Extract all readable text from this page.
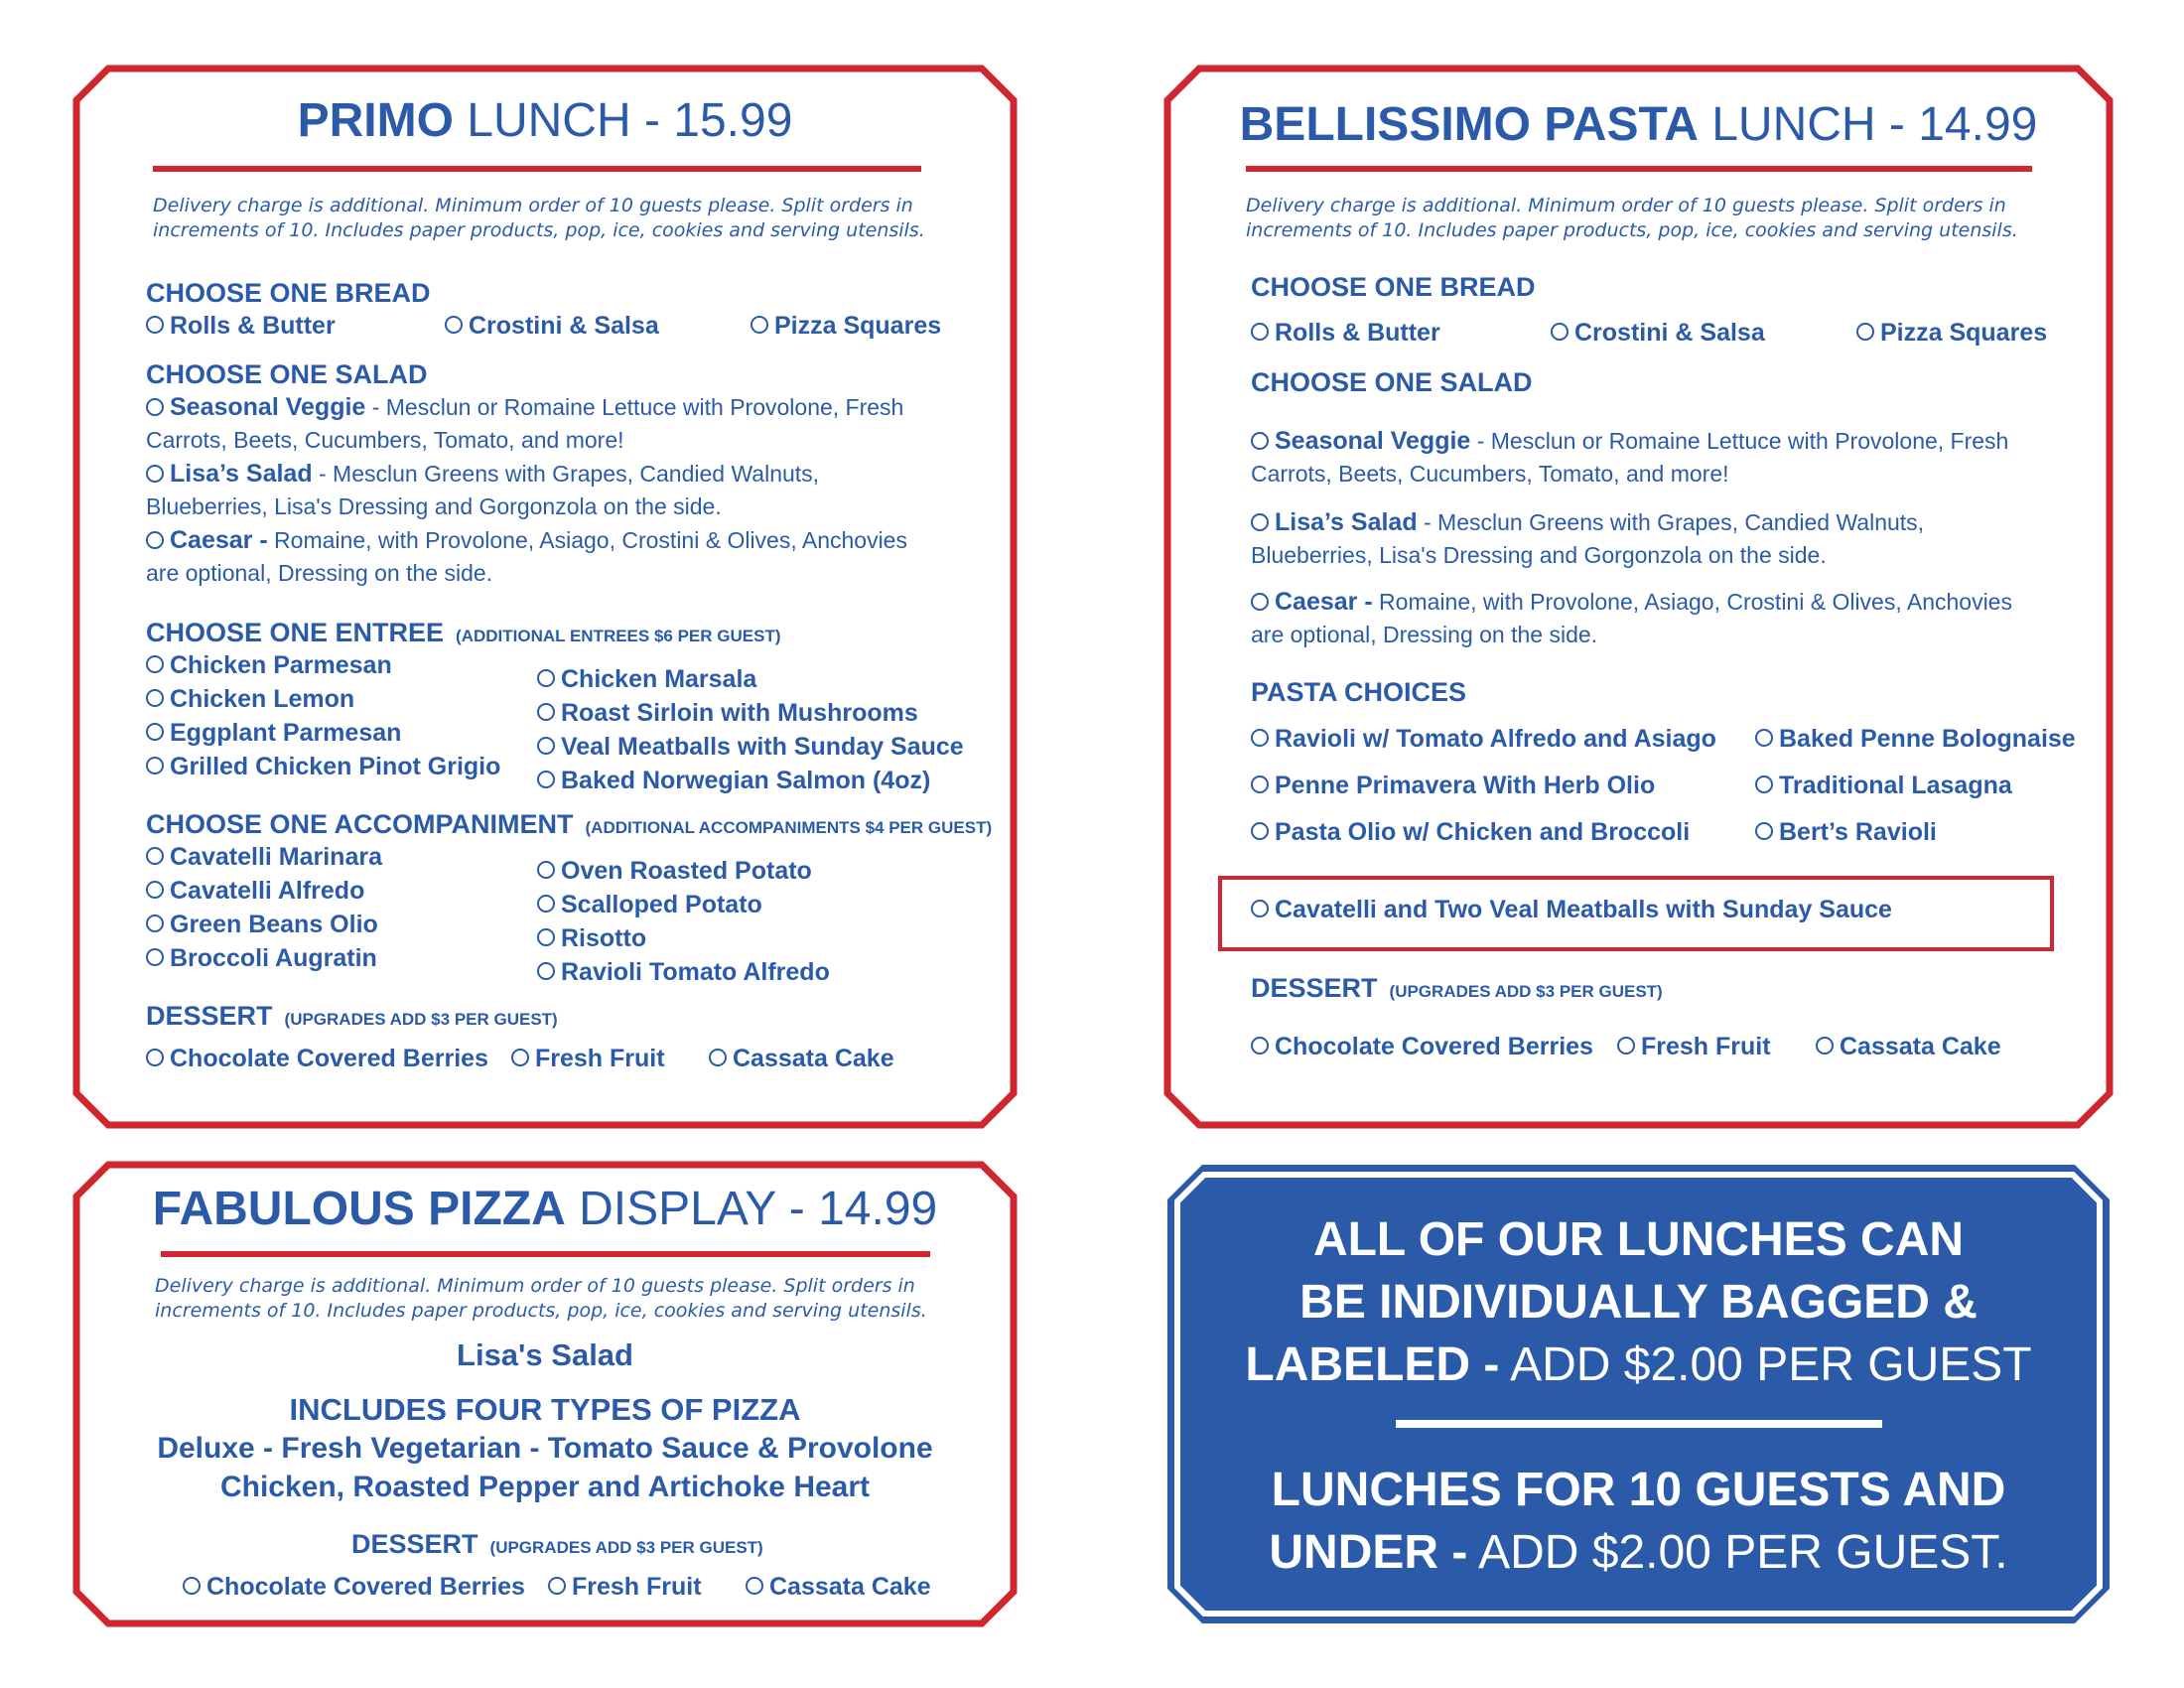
PRIMO LUNCH - 15.99
Delivery charge is additional. Minimum order of 10 guests please. Split orders in increments of 10. Includes paper products, pop, ice, cookies and serving utensils.
CHOOSE ONE BREAD
Rolls & Butter	Crostini & Salsa	Pizza Squares
CHOOSE ONE SALAD
Seasonal Veggie - Mesclun or Romaine Lettuce with Provolone, Fresh Carrots, Beets, Cucumbers, Tomato, and more!
Lisa’s Salad - Mesclun Greens with Grapes, Candied Walnuts, Blueberries, Lisa's Dressing and Gorgonzola on the side.
Caesar - Romaine, with Provolone, Asiago, Crostini & Olives, Anchovies are optional, Dressing on the side.
CHOOSE ONE ENTREE (ADDITIONAL ENTREES $6 PER GUEST)
Chicken Parmesan
Chicken Lemon
Eggplant Parmesan
Grilled Chicken Pinot Grigio
Chicken Marsala
Roast Sirloin with Mushrooms
Veal Meatballs with Sunday Sauce
Baked Norwegian Salmon (4oz)
CHOOSE ONE ACCOMPANIMENT (ADDITIONAL ACCOMPANIMENTS $4 PER GUEST)
Cavatelli Marinara
Cavatelli Alfredo
Green Beans Olio
Broccoli Augratin
Oven Roasted Potato
Scalloped Potato
Risotto
Ravioli Tomato Alfredo
DESSERT (UPGRADES ADD $3 PER GUEST)
Chocolate Covered Berries	Fresh Fruit	Cassata Cake
BELLISSIMO PASTA LUNCH - 14.99
Delivery charge is additional. Minimum order of 10 guests please. Split orders in increments of 10. Includes paper products, pop, ice, cookies and serving utensils.
CHOOSE ONE BREAD
Rolls & Butter	Crostini & Salsa	Pizza Squares
CHOOSE ONE SALAD
Seasonal Veggie - Mesclun or Romaine Lettuce with Provolone, Fresh Carrots, Beets, Cucumbers, Tomato, and more!
Lisa’s Salad - Mesclun Greens with Grapes, Candied Walnuts, Blueberries, Lisa's Dressing and Gorgonzola on the side.
Caesar - Romaine, with Provolone, Asiago, Crostini & Olives, Anchovies are optional, Dressing on the side.
PASTA CHOICES
Ravioli w/ Tomato Alfredo and Asiago
Penne Primavera With Herb Olio
Pasta Olio w/ Chicken and Broccoli
Baked Penne Bolognaise
Traditional Lasagna
Bert’s Ravioli
Cavatelli and Two Veal Meatballs with Sunday Sauce
DESSERT (UPGRADES ADD $3 PER GUEST)
Chocolate Covered Berries	Fresh Fruit	Cassata Cake
FABULOUS PIZZA DISPLAY - 14.99
Delivery charge is additional. Minimum order of 10 guests please. Split orders in increments of 10. Includes paper products, pop, ice, cookies and serving utensils.
Lisa's Salad
INCLUDES FOUR TYPES OF PIZZA
Deluxe - Fresh Vegetarian - Tomato Sauce & Provolone
Chicken, Roasted Pepper and Artichoke Heart
DESSERT (UPGRADES ADD $3 PER GUEST)
Chocolate Covered Berries	Fresh Fruit	Cassata Cake
ALL OF OUR LUNCHES CAN
BE INDIVIDUALLY BAGGED &
LABELED - ADD $2.00 PER GUEST
LUNCHES FOR 10 GUESTS AND
UNDER - ADD $2.00 PER GUEST.
